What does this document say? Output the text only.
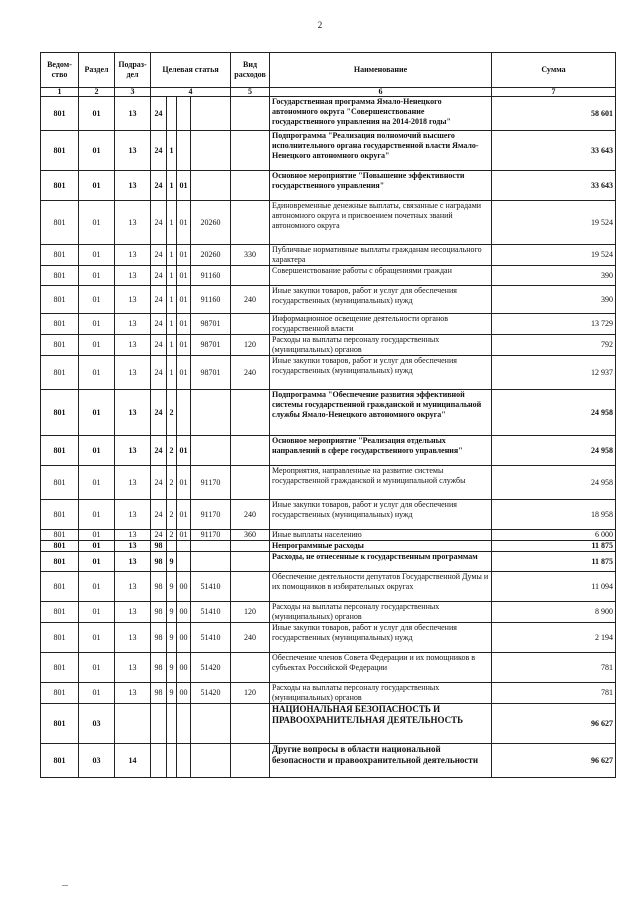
2
Ведом-ство	Раздел	Подраз-дел	Целевая статья				Вид расходов	Наименование	Сумма
1	2	3	4				5	6	7
801	01	13	24					Государственная программа Ямало-Ненецкого автономного округа "Совершенствование государственного управления на 2014-2018 годы"	58 601
801	01	13	24	1				Подпрограмма "Реализация полномочий высшего исполнительного органа государственной власти Ямало-Ненецкого автономного округа"	33 643
801	01	13	24	1	01			Основное мероприятие "Повышение эффективности государственного управления"	33 643
801	01	13	24	1	01	20260		Единовременные денежные выплаты, связанные с наградами автономного округа и присвоением почетных званий автономного округа	19 524
801	01	13	24	1	01	20260	330	Публичные нормативные выплаты гражданам несоциального характера	19 524
801	01	13	24	1	01	91160		Совершенствование работы с обращениями граждан	390
801	01	13	24	1	01	91160	240	Иные закупки товаров, работ и услуг для обеспечения государственных (муниципальных) нужд	390
801	01	13	24	1	01	98701		Информационное освещение деятельности органов государственной власти	13 729
801	01	13	24	1	01	98701	120	Расходы на выплаты персоналу государственных (муниципальных) органов	792
801	01	13	24	1	01	98701	240	Иные закупки товаров, работ и услуг для обеспечения государственных (муниципальных) нужд	12 937
801	01	13	24	2				Подпрограмма "Обеспечение развития эффективной системы государственной гражданской и муниципальной службы Ямало-Ненецкого автономного округа"	24 958
801	01	13	24	2	01			Основное мероприятие "Реализация отдельных направлений в сфере государственного управления"	24 958
801	01	13	24	2	01	91170		Мероприятия, направленные на развитие системы государственной гражданской и муниципальной службы	24 958
801	01	13	24	2	01	91170	240	Иные закупки товаров, работ и услуг для обеспечения государственных (муниципальных) нужд	18 958
801	01	13	24	2	01	91170	360	Иные выплаты населению	6 000
801	01	13	98					Непрограммные расходы	11 875
801	01	13	98	9				Расходы, не отнесенные к государственным программам	11 875
801	01	13	98	9	00	51410		Обеспечение деятельности депутатов Государственной Думы и их помощников в избирательных округах	11 094
801	01	13	98	9	00	51410	120	Расходы на выплаты персоналу государственных (муниципальных) органов	8 900
801	01	13	98	9	00	51410	240	Иные закупки товаров, работ и услуг для обеспечения государственных (муниципальных) нужд	2 194
801	01	13	98	9	00	51420		Обеспечение членов Совета Федерации и их помощников в субъектах Российской Федерации	781
801	01	13	98	9	00	51420	120	Расходы на выплаты персоналу государственных (муниципальных) органов	781
801	03							НАЦИОНАЛЬНАЯ БЕЗОПАСНОСТЬ И ПРАВООХРАНИТЕЛЬНАЯ ДЕЯТЕЛЬНОСТЬ	96 627
801	03	14						Другие вопросы в области национальной безопасности и правоохранительной деятельности	96 627
